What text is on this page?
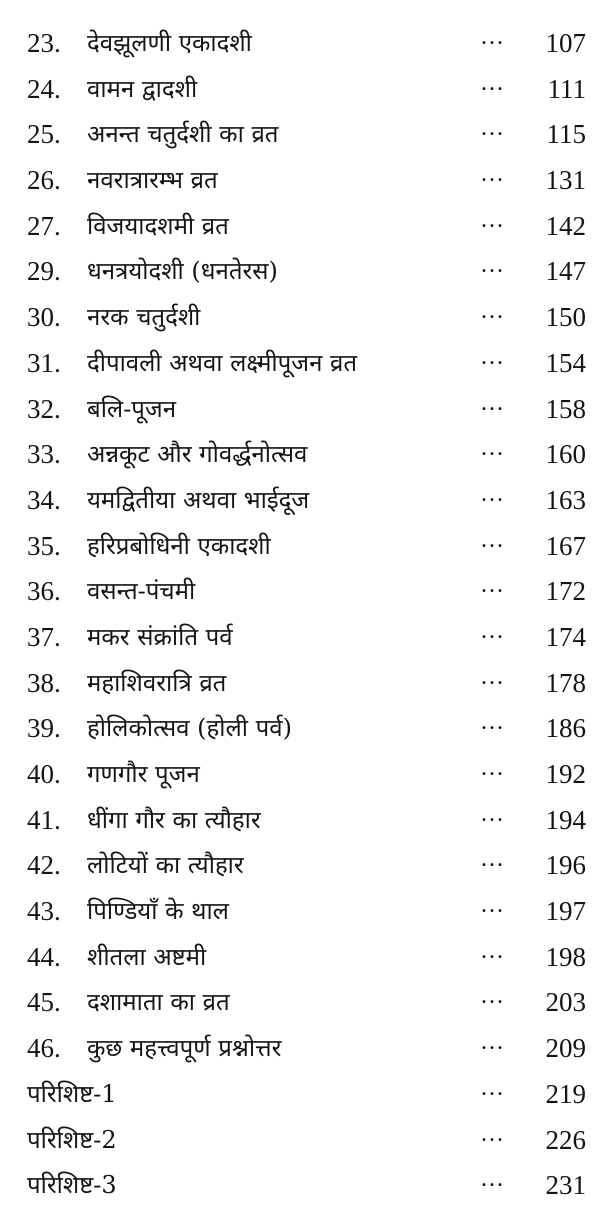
23. देवझूलणी एकादशी	… 107
24. वामन द्वादशी	… 111
25. अनन्त चतुर्दशी का व्रत	… 115
26. नवरात्रारम्भ व्रत	… 131
27. विजयादशमी व्रत	… 142
29. धनत्रयोदशी (धनतेरस)	… 147
30. नरक चतुर्दशी	… 150
31. दीपावली अथवा लक्ष्मीपूजन व्रत	… 154
32. बलि-पूजन	… 158
33. अन्नकूट और गोवर्द्धनोत्सव	… 160
34. यमद्वितीया अथवा भाईदूज	… 163
35. हरिप्रबोधिनी एकादशी	… 167
36. वसन्त-पंचमी	… 172
37. मकर संक्रांति पर्व	… 174
38. महाशिवरात्रि व्रत	… 178
39. होलिकोत्सव (होली पर्व)	… 186
40. गणगौर पूजन	… 192
41. धींगा गौर का त्यौहार	… 194
42. लोटियों का त्यौहार	… 196
43. पिण्डियाँ के थाल	… 197
44. शीतला अष्टमी	… 198
45. दशामाता का व्रत	… 203
46. कुछ महत्त्वपूर्ण प्रश्नोत्तर	… 209
परिशिष्ट-1	… 219
परिशिष्ट-2	… 226
परिशिष्ट-3	… 231
